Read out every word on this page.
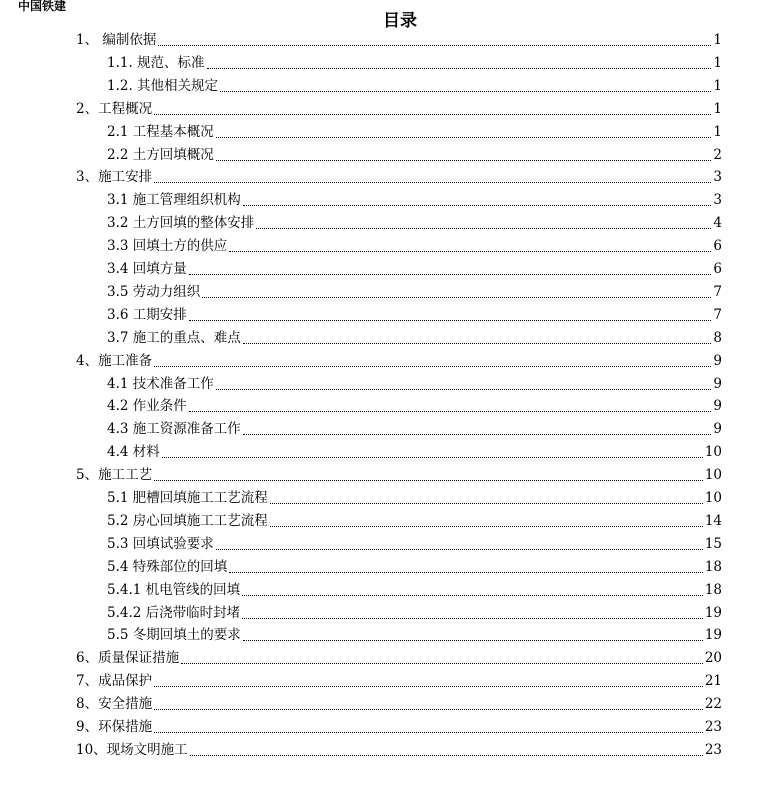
中国铁建
目录
1、 编制依据	1
1.1. 规范、标准	1
1.2. 其他相关规定	1
2、工程概况	1
2.1 工程基本概况	1
2.2 土方回填概况	2
3、施工安排	3
3.1 施工管理组织机构	3
3.2 土方回填的整体安排	4
3.3 回填土方的供应	6
3.4 回填方量	6
3.5 劳动力组织	7
3.6 工期安排	7
3.7 施工的重点、难点	8
4、施工准备	9
4.1 技术准备工作	9
4.2 作业条件	9
4.3 施工资源准备工作	9
4.4 材料	10
5、施工工艺	10
5.1 肥槽回填施工工艺流程	10
5.2 房心回填施工工艺流程	14
5.3 回填试验要求	15
5.4 特殊部位的回填	18
5.4.1 机电管线的回填	18
5.4.2 后浇带临时封堵	19
5.5 冬期回填土的要求	19
6、质量保证措施	20
7、成品保护	21
8、安全措施	22
9、环保措施	23
10、现场文明施工	23
